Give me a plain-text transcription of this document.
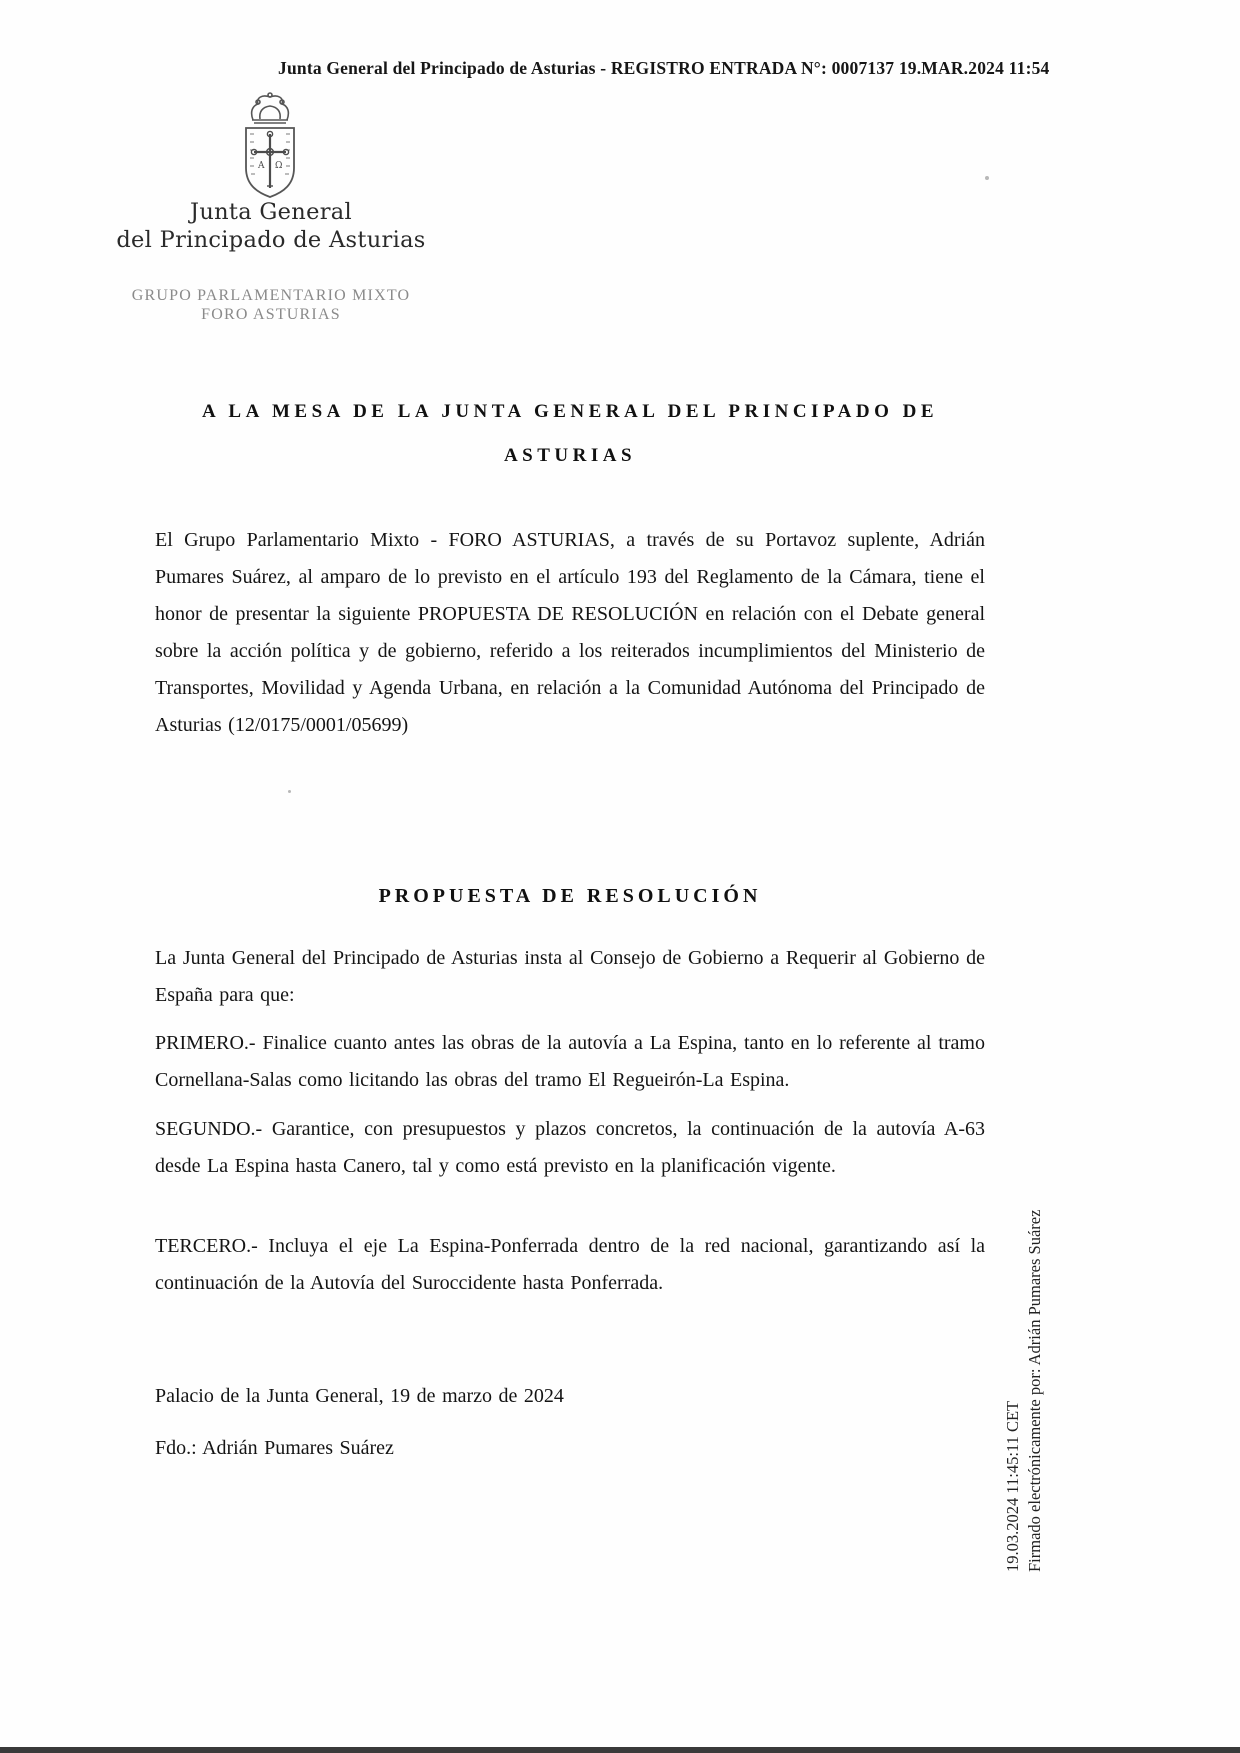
Junta General del Principado de Asturias - REGISTRO ENTRADA N°: 0007137 19.MAR.2024 11:54
A Ω
Junta General
del Principado de Asturias
GRUPO PARLAMENTARIO MIXTO
FORO ASTURIAS
A LA MESA DE LA JUNTA GENERAL DEL PRINCIPADO DE
ASTURIAS

El Grupo Parlamentario Mixto - FORO ASTURIAS, a través de su Portavoz suplente, Adrián Pumares Suárez, al amparo de lo previsto en el artículo 193 del Reglamento de la Cámara, tiene el honor de presentar la siguiente PROPUESTA DE RESOLUCIÓN en relación con el Debate general sobre la acción política y de gobierno, referido a los reiterados incumplimientos del Ministerio de Transportes, Movilidad y Agenda Urbana, en relación a la Comunidad Autónoma del Principado de Asturias (12/0175/0001/05699)

PROPUESTA DE RESOLUCIÓN

La Junta General del Principado de Asturias insta al Consejo de Gobierno a Requerir al Gobierno de España para que:

PRIMERO.- Finalice cuanto antes las obras de la autovía a La Espina, tanto en lo referente al tramo Cornellana-Salas como licitando las obras del tramo El Regueirón-La Espina.

SEGUNDO.- Garantice, con presupuestos y plazos concretos, la continuación de la autovía A-63 desde La Espina hasta Canero, tal y como está previsto en la planificación vigente.

TERCERO.- Incluya el eje La Espina-Ponferrada dentro de la red nacional, garantizando así la continuación de la Autovía del Suroccidente hasta Ponferrada.

Palacio de la Junta General, 19 de marzo de 2024

Fdo.: Adrián Pumares Suárez	19.03.2024 11:45:11 CET Firmado electrónicamente por: Adrián Pumares Suárez
